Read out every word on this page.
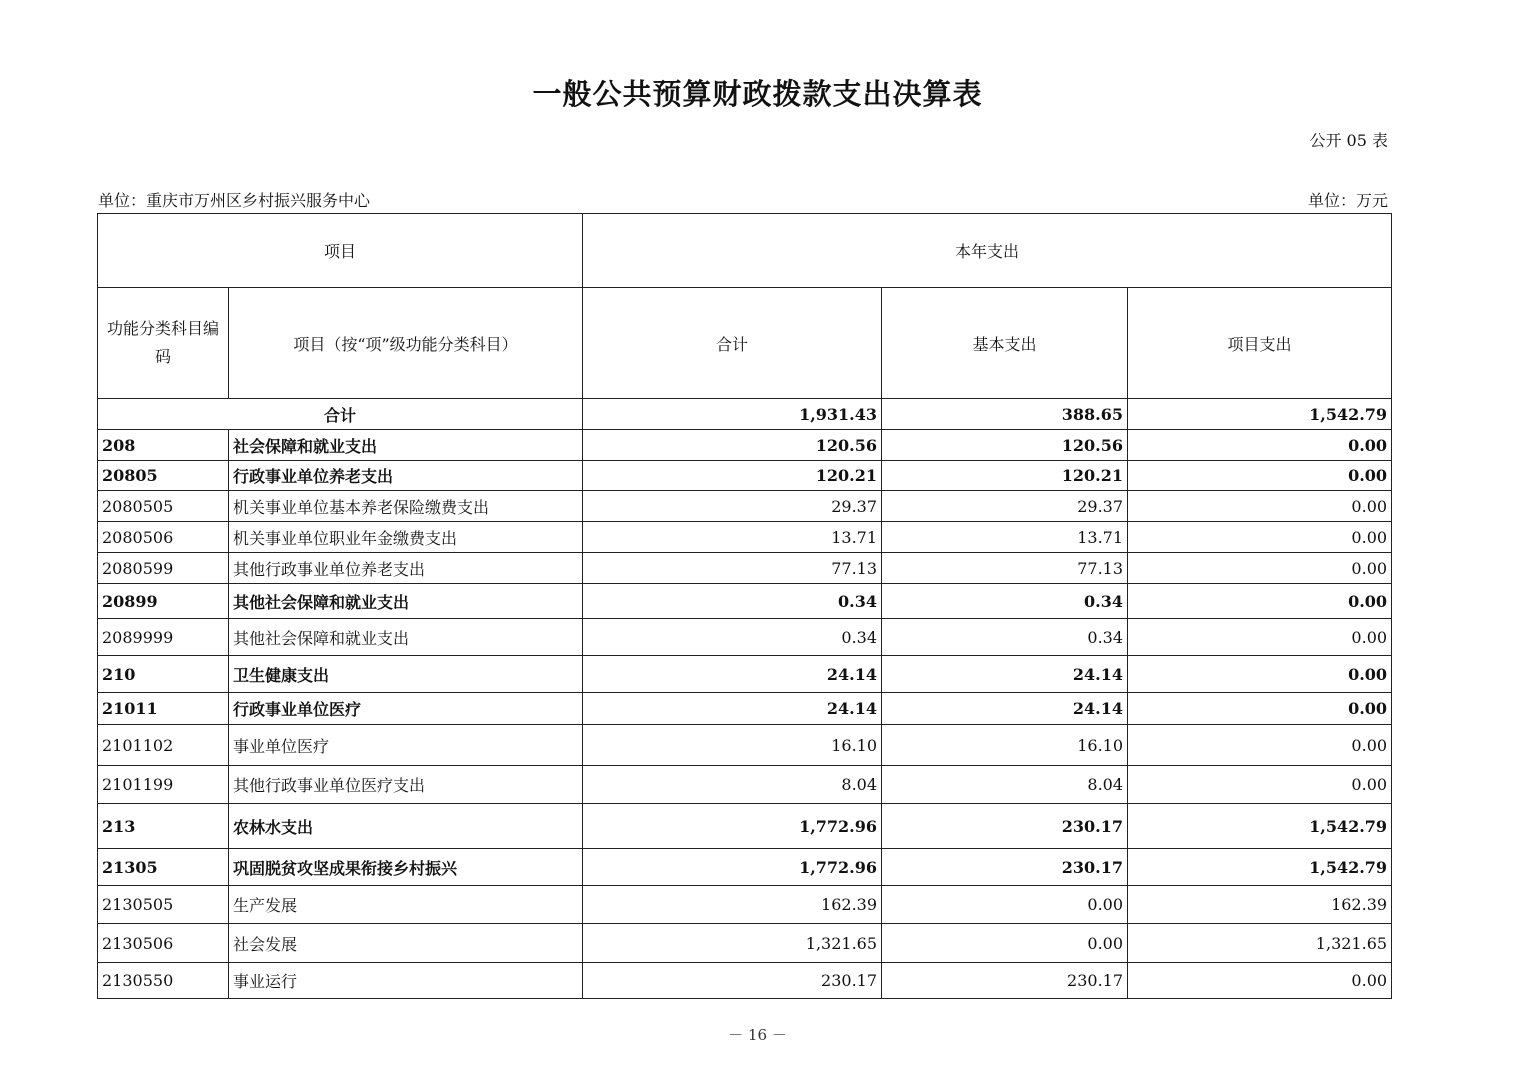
一般公共预算财政拨款支出决算表
公开 05 表
单位：重庆市万州区乡村振兴服务中心	单位：万元
项目		本年支出		
功能分类科目编码	项目（按“项”级功能分类科目）	合计	基本支出	项目支出
合计		1,931.43	388.65	1,542.79
208	社会保障和就业支出	120.56	120.56	0.00
20805	行政事业单位养老支出	120.21	120.21	0.00
2080505	机关事业单位基本养老保险缴费支出	29.37	29.37	0.00
2080506	机关事业单位职业年金缴费支出	13.71	13.71	0.00
2080599	其他行政事业单位养老支出	77.13	77.13	0.00
20899	其他社会保障和就业支出	0.34	0.34	0.00
2089999	其他社会保障和就业支出	0.34	0.34	0.00
210	卫生健康支出	24.14	24.14	0.00
21011	行政事业单位医疗	24.14	24.14	0.00
2101102	事业单位医疗	16.10	16.10	0.00
2101199	其他行政事业单位医疗支出	8.04	8.04	0.00
213	农林水支出	1,772.96	230.17	1,542.79
21305	巩固脱贫攻坚成果衔接乡村振兴	1,772.96	230.17	1,542.79
2130505	生产发展	162.39	0.00	162.39
2130506	社会发展	1,321.65	0.00	1,321.65
2130550	事业运行	230.17	230.17	0.00
－ 16 －
